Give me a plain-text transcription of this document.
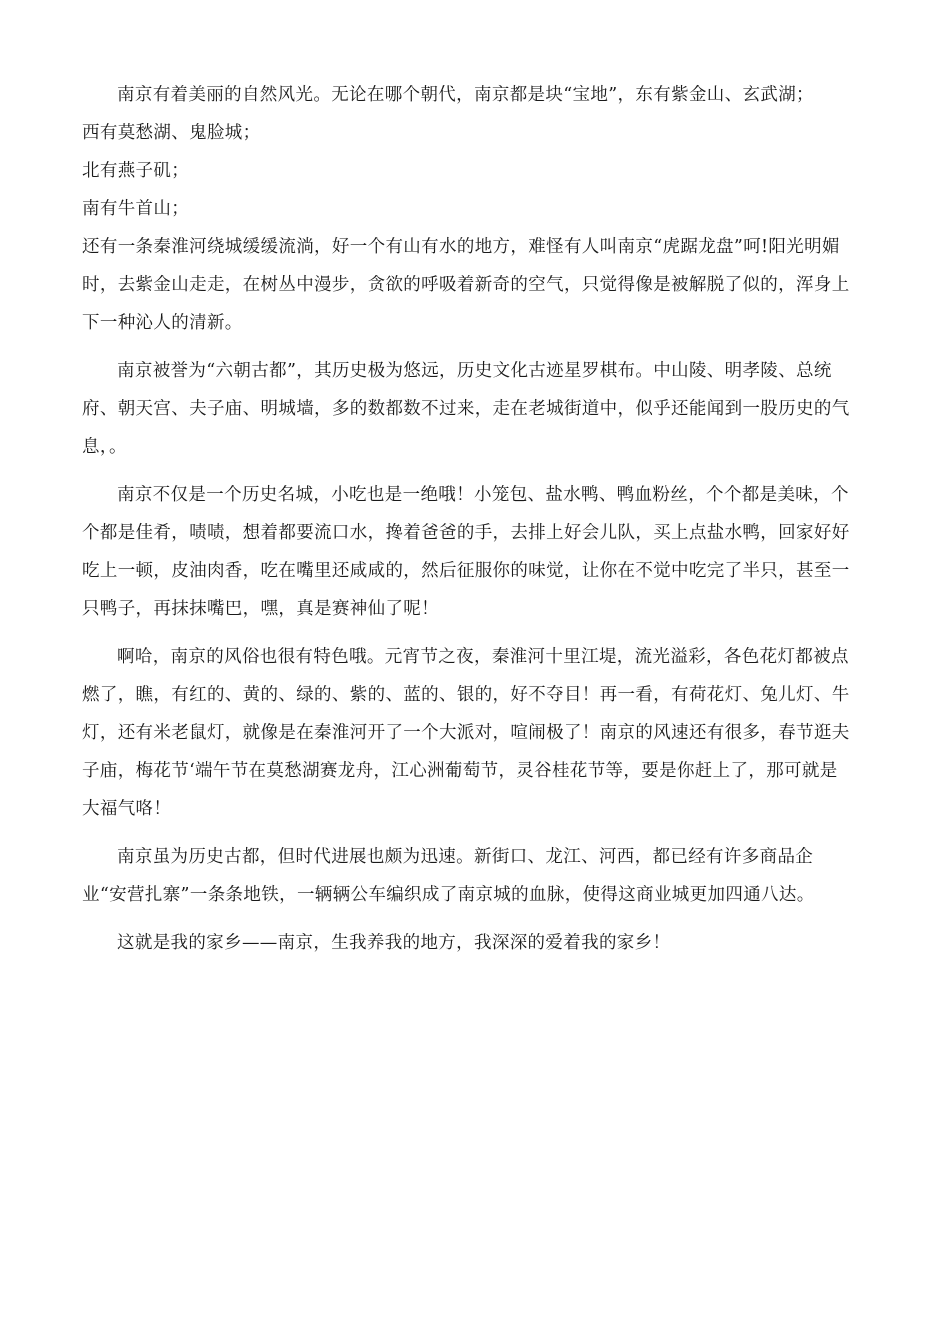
南京有着美丽的自然风光。无论在哪个朝代，南京都是块“宝地”，东有紫金山、玄武湖；

西有莫愁湖、鬼脸城；

北有燕子矶；

南有牛首山；

还有一条秦淮河绕城缓缓流淌，好一个有山有水的地方，难怪有人叫南京“虎踞龙盘”呵!阳光明媚
时，去紫金山走走，在树丛中漫步，贪欲的呼吸着新奇的空气，只觉得像是被解脱了似的，浑身上
下一种沁人的清新。

南京被誉为“六朝古都”，其历史极为悠远，历史文化古迹星罗棋布。中山陵、明孝陵、总统
府、朝天宫、夫子庙、明城墙，多的数都数不过来，走在老城街道中，似乎还能闻到一股历史的气
息，。

南京不仅是一个历史名城，小吃也是一绝哦！小笼包、盐水鸭、鸭血粉丝，个个都是美味，个
个都是佳肴，啧啧，想着都要流口水，搀着爸爸的手，去排上好会儿队，买上点盐水鸭，回家好好
吃上一顿，皮油肉香，吃在嘴里还咸咸的，然后征服你的味觉，让你在不觉中吃完了半只，甚至一
只鸭子，再抹抹嘴巴，嘿，真是赛神仙了呢！

啊哈，南京的风俗也很有特色哦。元宵节之夜，秦淮河十里江堤，流光溢彩，各色花灯都被点
燃了，瞧，有红的、黄的、绿的、紫的、蓝的、银的，好不夺目！再一看，有荷花灯、兔儿灯、牛
灯，还有米老鼠灯，就像是在秦淮河开了一个大派对，喧闹极了！南京的风速还有很多，春节逛夫
子庙，梅花节‘端午节在莫愁湖赛龙舟，江心洲葡萄节，灵谷桂花节等，要是你赶上了，那可就是
大福气咯！

南京虽为历史古都，但时代进展也颇为迅速。新街口、龙江、河西，都已经有许多商品企
业“安营扎寨”一条条地铁，一辆辆公车编织成了南京城的血脉，使得这商业城更加四通八达。

这就是我的家乡——南京，生我养我的地方，我深深的爱着我的家乡！
